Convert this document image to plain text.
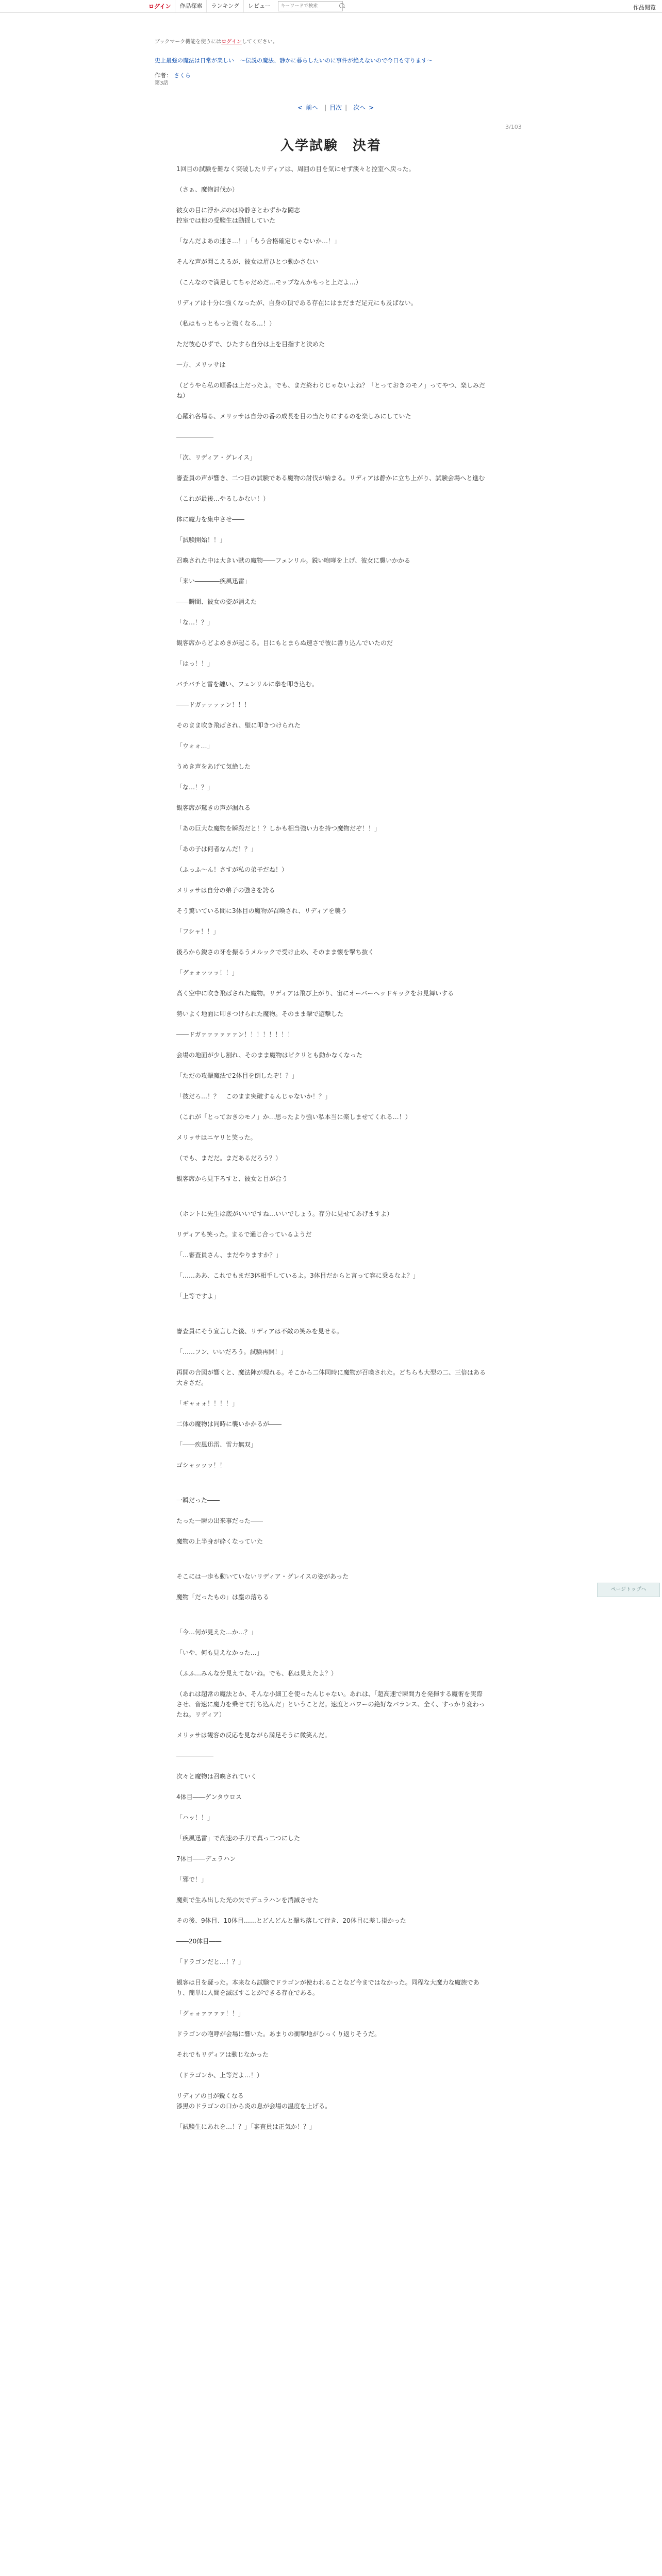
ログイン	作品探索	ランキング	レビュー
キーワードで検索	作品閲覧
ブックマーク機能を使うにはログインしてください。
史上最強の魔法は日常が楽しい　〜伝説の魔法、静かに暮らしたいのに事件が絶えないので今日も守ります〜
作者： さくら
第3話
< 前へ | 目次 | 次へ >
3/103
入学試験　決着

1回目の試験を難なく突破したリディアは、周囲の目を気にせず淡々と控室へ戻った。

（さぁ、魔物討伐か）

彼女の目に浮かぶのは冷静さとわずかな闘志
控室では他の受験生は動揺していた

「なんだよあの速さ…！」「もう合格確定じゃないか…！」

そんな声が聞こえるが、彼女は眉ひとつ動かさない

（こんなので満足してちゃだめだ…モップなんかもっと上だよ…）

リディアは十分に強くなったが、自身の頂である存在にはまだまだ足元にも及ばない。

（私はもっともっと強くなる…！）

ただ彼心ひずで、ひたすら自分は上を目指すと決めた

一方、メリッサは

（どうやら私の順番は上だったよ。でも、まだ終わりじゃないよね？「とっておきのモノ」ってやつ、楽しみだね）

心躍れ各場る、メリッサは自分の番の成長を目の当たりにするのを楽しみにしていた

――――――

「次、リディア・グレイス」

審査員の声が響き、二つ目の試験である魔物の討伐が始まる。リディアは静かに立ち上がり、試験会場へと進む

（これが最後…やるしかない！）

体に魔力を集中させ――

「試験開始！！」

召喚された中は大きい獣の魔物――フェンリル。鋭い咆哮を上げ、彼女に襲いかかる

「来い――――疾風迅雷」

――瞬間、彼女の姿が消えた

「な…！？」

観客席からどよめきが起こる。目にもとまらぬ速さで彼に書り込んでいたのだ

「はっ！！」

バチバチと雷を纏い、フェンリルに拳を叩き込む。

――ドガァァァァン！！！

そのまま吹き飛ばされ、壁に叩きつけられた

「ウォォ…」

うめき声をあげて気絶した

「な…！？」

観客席が驚きの声が漏れる

「あの巨大な魔物を瞬殺だと！？しかも相当強い力を持つ魔物だぞ！！」

「あの子は何者なんだ！？」

（ふっふ〜ん！さすが私の弟子だね！）

メリッサは自分の弟子の強さを誇る

そう驚いている間に3体目の魔物が召喚され、リディアを襲う

「フシャ！！」

後ろから鋭さの牙を振るうメルックで受け止め、そのまま懐を撃ち抜く

「グォォッッッ！！」

高く空中に吹き飛ばされた魔物。リディアは飛び上がり、宙にオーバーヘッドキックをお見舞いする

勢いよく地面に叩きつけられた魔物。そのまま撃で遊撃した

――ドガァァァァァァン！！！！！！！！

会場の地面が少し割れ、そのまま魔物はピクリとも動かなくなった

「ただの攻撃魔法で2体目を倒したぞ！？」

「彼だろ…！？　このまま突破するんじゃないか！？」

（これが「とっておきのモノ」か…思ったより強い私本当に楽しませてくれる…！）

メリッサはニヤリと笑った。

（でも、まだだ。まだあるだろう？）

観客席から見下ろすと、彼女と目が合う

（ホントに先生は底がいいですね…いいでしょう。存分に見せてあげますよ）

リディアも笑った。まるで通じ合っているようだ

「…審査員さん、まだやりますか？」

「……ああ、これでもまだ3体相手しているよ。3体目だからと言って容に乗るなよ？」

「上等ですよ」

審査員にそう宣言した後、リディアは不敵の笑みを見せる。

「……フン、いいだろう。試験再開！」

再開の合図が響くと、魔法陣が現れる。そこから二体同時に魔物が召喚された。どちらも大型の二、三倍はある大きさだ。

「ギャォォ！！！！」

二体の魔物は同時に襲いかかるが――

「――疾風迅雷、雷力無双」

ゴシャッッッ！！

一瞬だった――

たった一瞬の出来事だった――

魔物の上半身が砕くなっていた

そこには一歩も動いていないリディア・グレイスの姿があった

魔物「だったもの」は塵の落ちる

「今…何が見えた…か…？」

「いや、何も見えなかった…」

（ふふ…みんな分見えてないね。でも、私は見えたよ？）

（あれは超常の魔法とか、そんな小細工を使ったんじゃない。あれは、「超高速で瞬間力を発揮する魔術を実際させ、音速に魔力を乗せて打ち込んだ」ということだ。速度とパワーの絶好なバランス、全く、すっかり変わったね。リディア）

メリッサは観客の反応を見ながら満足そうに微笑んだ。

――――――

次々と魔物は召喚されていく

4体目――ゲンタウロス

「ハッ！！」

「疾風迅雷」で高速の手刀で真っ二つにした

7体目――デュラハン

「邪で！」

魔剣で生み出した光の矢でデュラハンを消滅させた

その後、9体目、10体目……とどんどんと撃ち落して行き、20体目に差し掛かった

――20体目――

「ドラゴンだと…！？」

観客は目を疑った。本来なら試験でドラゴンが使われることなど今まではなかった。同程な大魔力な魔族であり、簡単に人間を滅ぼすことができる存在である。

「グォォァァァァ！！」

ドラゴンの咆哮が会場に響いた。あまりの衝撃地がひっくり返りそうだ。

それでもリディアは動じなかった

（ドラゴンか、上等だよ…！）

リディアの目が鋭くなる
漆黒のドラゴンの口から炎の息が会場の温度を上げる。

「試験生にあれを…！？」「審査員は正気か！？」

ページトップへ
